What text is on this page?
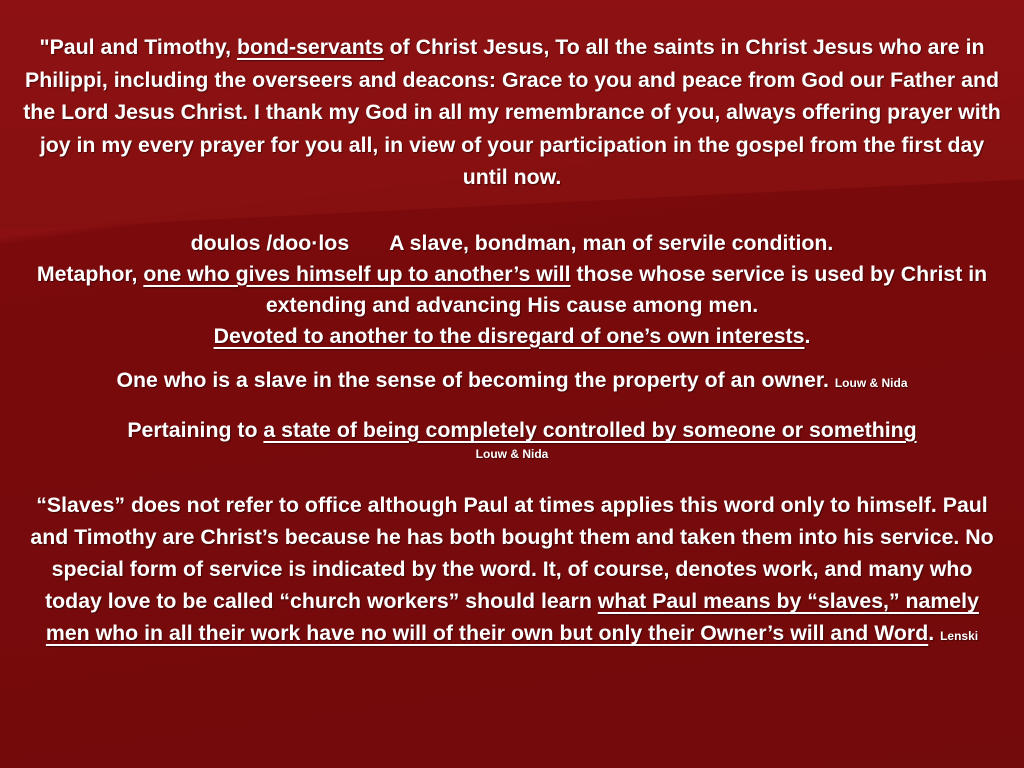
"Paul and Timothy, bond-servants of Christ Jesus, To all the saints in Christ Jesus who are in Philippi, including the overseers and deacons: Grace to you and peace from God our Father and the Lord Jesus Christ. I thank my God in all my remembrance of you, always offering prayer with joy in my every prayer for you all, in view of your participation in the gospel from the first day until now.

doulos /doo·los A slave, bondman, man of servile condition.
Metaphor, one who gives himself up to another’s will those whose service is used by Christ in extending and advancing His cause among men.
Devoted to another to the disregard of one’s own interests.

One who is a slave in the sense of becoming the property of an owner. Louw & Nida

Pertaining to a state of being completely controlled by someone or something

Louw & Nida

“Slaves” does not refer to office although Paul at times applies this word only to himself. Paul and Timothy are Christ’s because he has both bought them and taken them into his service. No special form of service is indicated by the word. It, of course, denotes work, and many who today love to be called “church workers” should learn what Paul means by “slaves,” namely men who in all their work have no will of their own but only their Owner’s will and Word. Lenski
